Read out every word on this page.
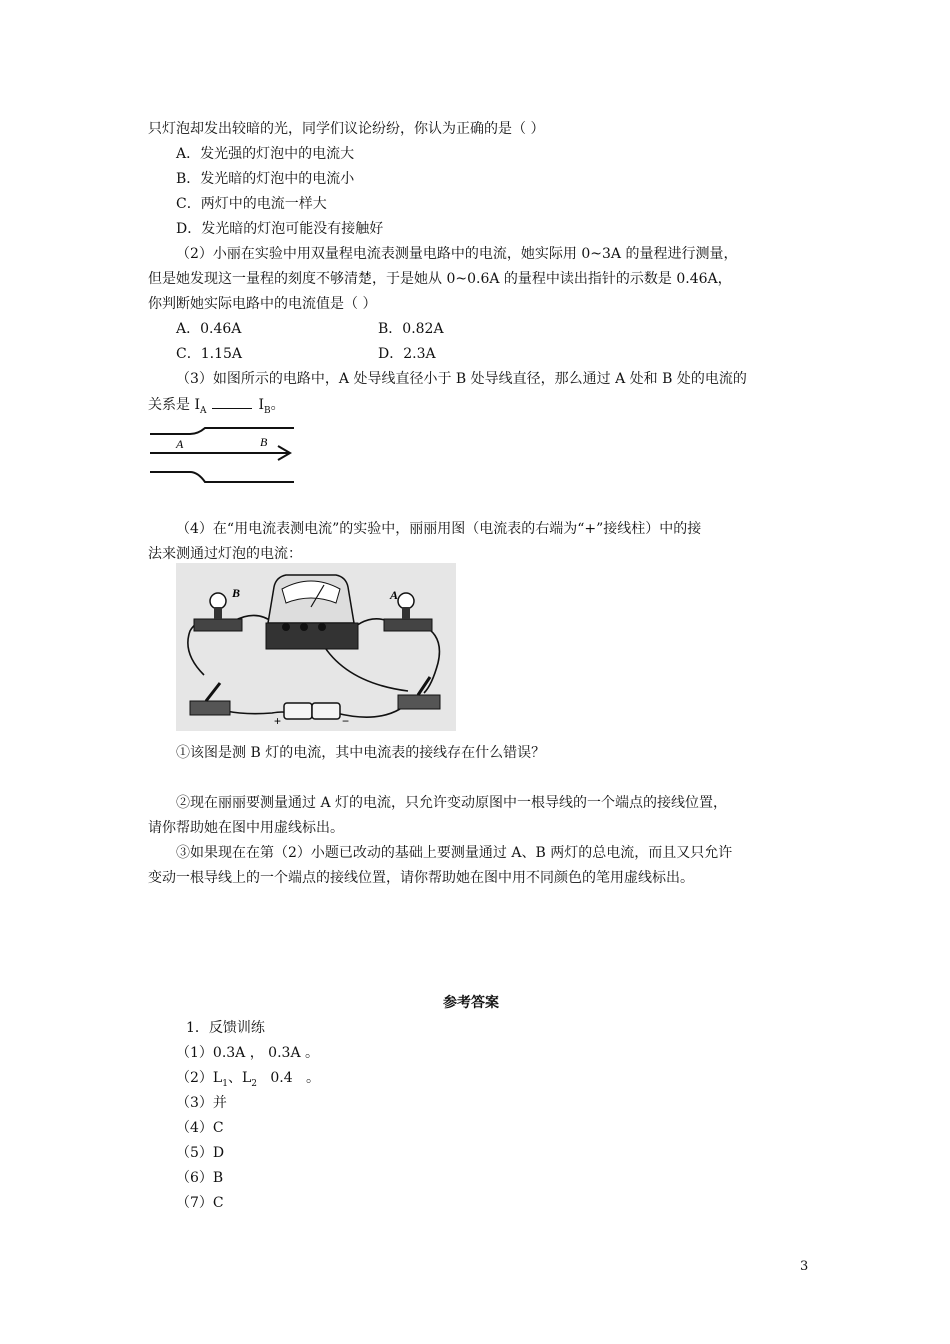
只灯泡却发出较暗的光，同学们议论纷纷，你认为正确的是（ ）
A．发光强的灯泡中的电流大
B．发光暗的灯泡中的电流小
C．两灯中的电流一样大
D．发光暗的灯泡可能没有接触好
（2）小丽在实验中用双量程电流表测量电路中的电流，她实际用 0~3A 的量程进行测量，
但是她发现这一量程的刻度不够清楚，于是她从 0~0.6A 的量程中读出指针的示数是 0.46A，
你判断她实际电路中的电流值是（ ）
A．0.46A	B．0.82A
C．1.15A	D．2.3A
（3）如图所示的电路中，A 处导线直径小于 B 处导线直径，那么通过 A 处和 B 处的电流的
关系是 $I_A$	$I_B$。
A	B
（4）在“用电流表测电流”的实验中，丽丽用图（电流表的右端为“+”接线柱）中的接
法来测通过灯泡的电流：
B	A
+	−
①该图是测 B 灯的电流，其中电流表的接线存在什么错误？
②现在丽丽要测量通过 A 灯的电流，只允许变动原图中一根导线的一个端点的接线位置，
请你帮助她在图中用虚线标出。
③如果现在在第（2）小题已改动的基础上要测量通过 A、B 两灯的总电流，而且又只允许
变动一根导线上的一个端点的接线位置，请你帮助她在图中用不同颜色的笔用虚线标出。
参考答案
1．反馈训练
（1）0.3A ， 0.3A 。
$(2)L_1$、$L_2$   0.4   。
（3）并
（4）C
（5）D
（6）B
（7）C
3
